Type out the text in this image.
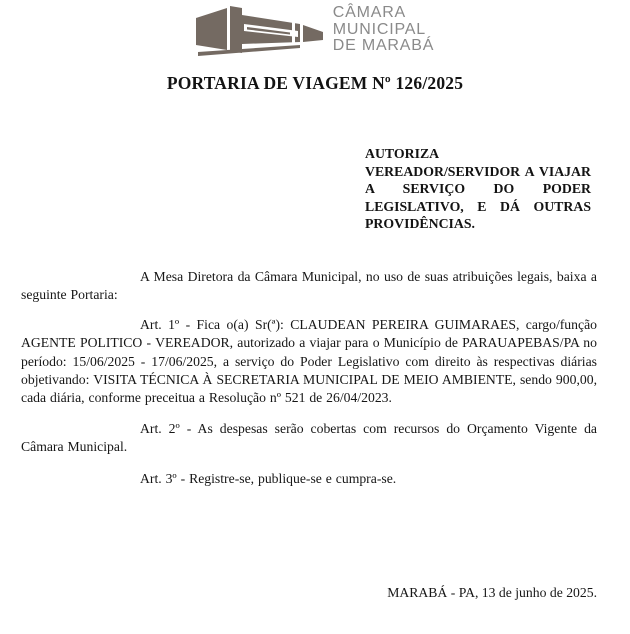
CÂMARA
MUNICIPAL
DE MARABÁ
PORTARIA DE VIAGEM Nº 126/2025

AUTORIZA VEREADOR/SERVIDOR A VIAJAR A SERVIÇO DO PODER LEGISLATIVO, E DÁ OUTRAS PROVIDÊNCIAS.

A Mesa Diretora da Câmara Municipal, no uso de suas atribuições legais, baixa a seguinte Portaria:

Art. 1º - Fica o(a) Sr(ª): CLAUDEAN PEREIRA GUIMARAES, cargo/função AGENTE POLITICO - VEREADOR, autorizado a viajar para o Município de PARAUAPEBAS/PA no período: 15/06/2025 - 17/06/2025, a serviço do Poder Legislativo com direito às respectivas diárias objetivando: VISITA TÉCNICA À SECRETARIA MUNICIPAL DE MEIO AMBIENTE, sendo 900,00, cada diária, conforme preceitua a Resolução nº 521 de 26/04/2023.

Art. 2º - As despesas serão cobertas com recursos do Orçamento Vigente da Câmara Municipal.

Art. 3º - Registre-se, publique-se e cumpra-se.

MARABÁ - PA, 13 de junho de 2025.
